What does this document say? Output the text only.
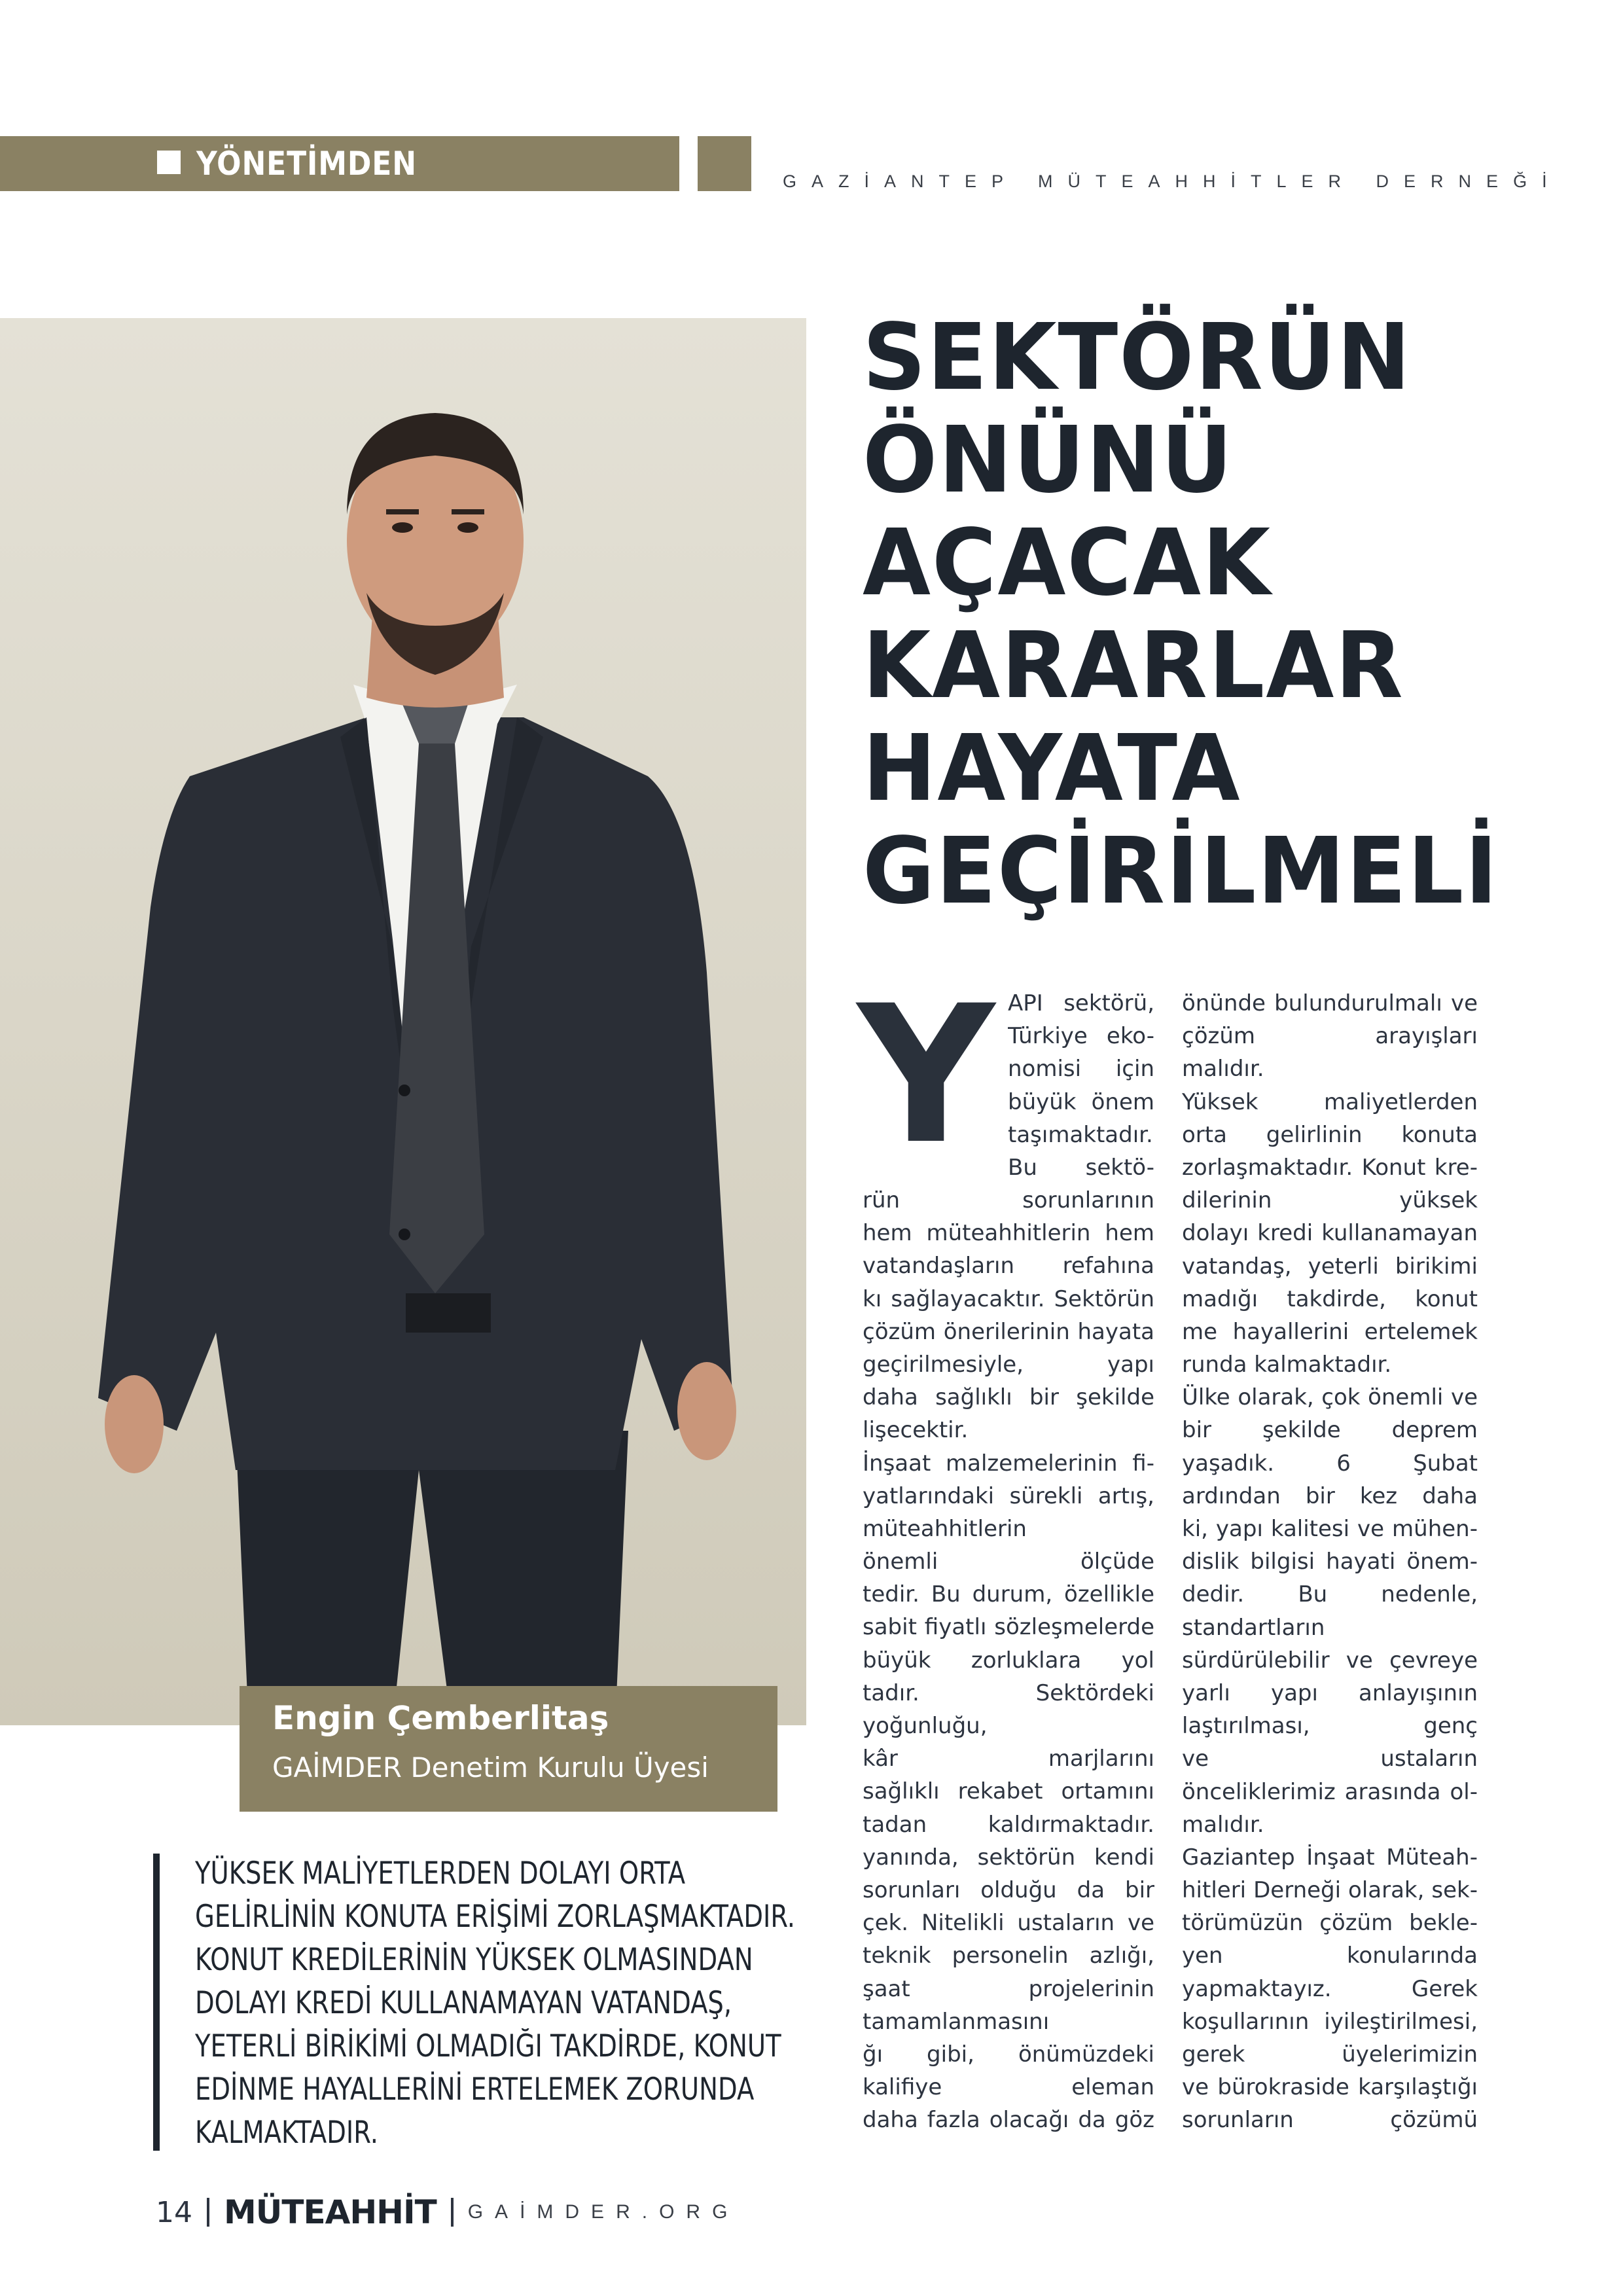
YÖNETİMDEN	GAZİANTEP MÜTEAHHİTLER DERNEĞİ
Engin Çemberlitaş
GAİMDER Denetim Kurulu Üyesi
YÜKSEK MALİYETLERDEN DOLAYI ORTA
GELİRLİNİN KONUTA ERİŞİMİ ZORLAŞMAKTADIR.
KONUT KREDİLERİNİN YÜKSEK OLMASINDAN
DOLAYI KREDİ KULLANAMAYAN VATANDAŞ,
YETERLİ BİRİKİMİ OLMADIĞI TAKDİRDE, KONUT
EDİNME HAYALLERİNİ ERTELEMEK ZORUNDA
KALMAKTADIR.
SEKTÖRÜN
ÖNÜNÜ
AÇACAK
KARARLAR
HAYATA
GEÇİRİLMELİ
Y API sektörü,
Türkiye eko-
nomisi için
büyük önem
taşımaktadır.
Bu sektö-
rün sorunlarının
hem müteahhitlerin hem
vatandaşların refahına
kı sağlayacaktır. Sektörün
çözüm önerilerinin hayata
geçirilmesiyle, yapı
daha sağlıklı bir şekilde
lişecektir.
İnşaat malzemelerinin fi-
yatlarındaki sürekli artış,
müteahhitlerin
önemli ölçüde
tedir. Bu durum, özellikle
sabit fiyatlı sözleşmelerde
büyük zorluklara yol
tadır. Sektördeki
yoğunluğu,
kâr marjlarını
sağlıklı rekabet ortamını
tadan kaldırmaktadır.
yanında, sektörün kendi
sorunları olduğu da bir
çek. Nitelikli ustaların ve
teknik personelin azlığı,
şaat projelerinin
tamamlanmasını
ğı gibi, önümüzdeki
kalifiye eleman
daha fazla olacağı da göz
önünde bulundurulmalı ve
çözüm arayışları
malıdır.
Yüksek maliyetlerden
orta gelirlinin konuta
zorlaşmaktadır. Konut kre-
dilerinin yüksek
dolayı kredi kullanamayan
vatandaş, yeterli birikimi
madığı takdirde, konut
me hayallerini ertelemek
runda kalmaktadır.
Ülke olarak, çok önemli ve
bir şekilde deprem
yaşadık. 6 Şubat
ardından bir kez daha
ki, yapı kalitesi ve mühen-
dislik bilgisi hayati önem-
dedir. Bu nedenle,
standartların
sürdürülebilir ve çevreye
yarlı yapı anlayışının
laştırılması, genç
ve ustaların
önceliklerimiz arasında ol-
malıdır.
Gaziantep İnşaat Müteah-
hitleri Derneği olarak, sek-
törümüzün çözüm bekle-
yen konularında
yapmaktayız. Gerek
koşullarının iyileştirilmesi,
gerek üyelerimizin
ve bürokraside karşılaştığı
sorunların çözümü
14 MÜTEAHHİT GAİMDER.ORG
